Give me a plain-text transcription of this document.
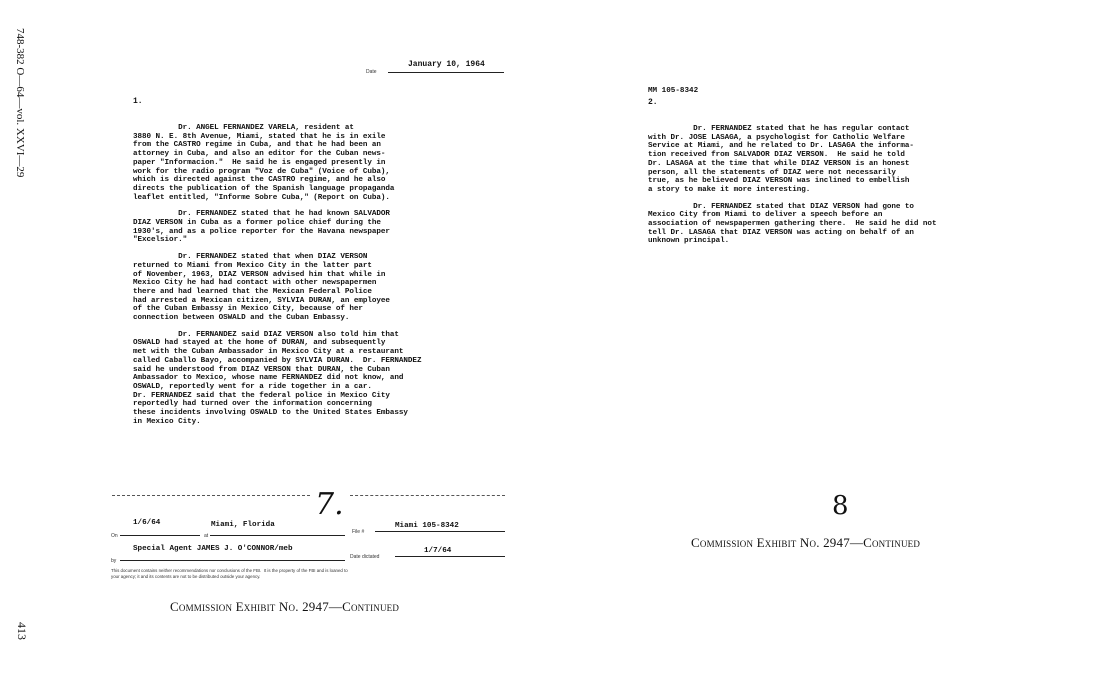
748-382 O—64—vol. XXVI—29
413
January 10, 1964
Date
1.
Dr. ANGEL FERNANDEZ VARELA, resident at
3880 N. E. 8th Avenue, Miami, stated that he is in exile
from the CASTRO regime in Cuba, and that he had been an
attorney in Cuba, and also an editor for the Cuban news-
paper "Informacion."  He said he is engaged presently in
work for the radio program "Voz de Cuba" (Voice of Cuba),
which is directed against the CASTRO regime, and he also
directs the publication of the Spanish language propaganda
leaflet entitled, "Informe Sobre Cuba," (Report on Cuba).
Dr. FERNANDEZ stated that he had known SALVADOR
DIAZ VERSON in Cuba as a former police chief during the
1930's, and as a police reporter for the Havana newspaper
"Excelsior."
Dr. FERNANDEZ stated that when DIAZ VERSON
returned to Miami from Mexico City in the latter part
of November, 1963, DIAZ VERSON advised him that while in
Mexico City he had had contact with other newspapermen
there and had learned that the Mexican Federal Police
had arrested a Mexican citizen, SYLVIA DURAN, an employee
of the Cuban Embassy in Mexico City, because of her
connection between OSWALD and the Cuban Embassy.
Dr. FERNANDEZ said DIAZ VERSON also told him that
OSWALD had stayed at the home of DURAN, and subsequently
met with the Cuban Ambassador in Mexico City at a restaurant
called Caballo Bayo, accompanied by SYLVIA DURAN.  Dr. FERNANDEZ
said he understood from DIAZ VERSON that DURAN, the Cuban
Ambassador to Mexico, whose name FERNANDEZ did not know, and
OSWALD, reportedly went for a ride together in a car.
Dr. FERNANDEZ said that the federal police in Mexico City
reportedly had turned over the information concerning
these incidents involving OSWALD to the United States Embassy
in Mexico City.
7.
1/6/64
On
Miami, Florida
at
File #
Miami 105-8342
Special Agent JAMES J. O'CONNOR/meb
by
Date dictated
1/7/64
This document contains neither recommendations nor conclusions of the FBI.  It is the property of the FBI and is loaned to
your agency; it and its contents are not to be distributed outside your agency.
Commission Exhibit No. 2947—Continued
MM 105-8342
2.
Dr. FERNANDEZ stated that he has regular contact
with Dr. JOSE LASAGA, a psychologist for Catholic Welfare
Service at Miami, and he related to Dr. LASAGA the informa-
tion received from SALVADOR DIAZ VERSON.  He said he told
Dr. LASAGA at the time that while DIAZ VERSON is an honest
person, all the statements of DIAZ were not necessarily
true, as he believed DIAZ VERSON was inclined to embellish
a story to make it more interesting.
Dr. FERNANDEZ stated that DIAZ VERSON had gone to
Mexico City from Miami to deliver a speech before an
association of newspapermen gathering there.  He said he did not
tell Dr. LASAGA that DIAZ VERSON was acting on behalf of an
unknown principal.
8
Commission Exhibit No. 2947—Continued
